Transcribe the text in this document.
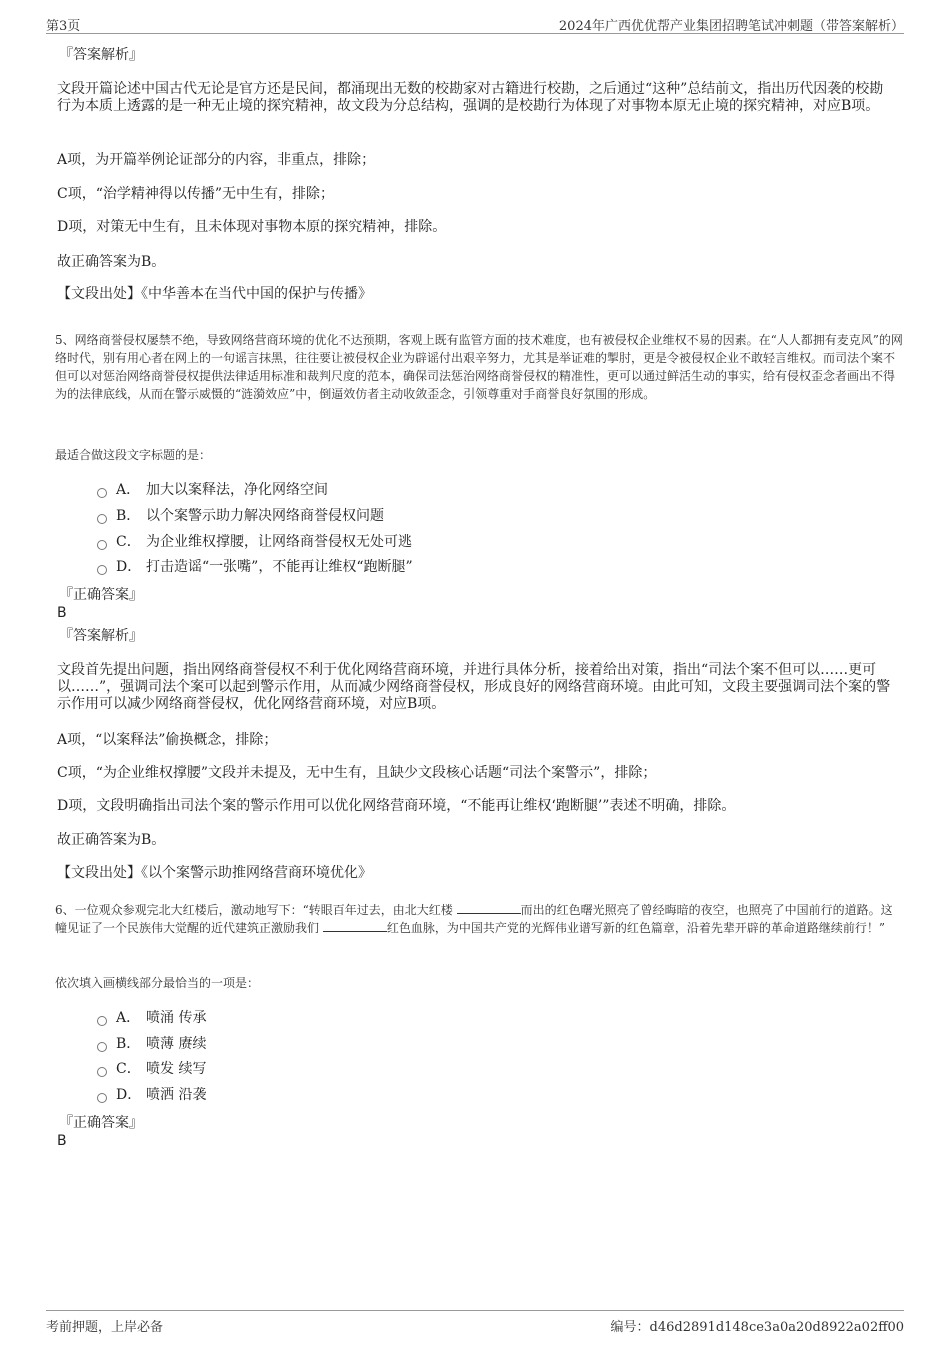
第3页	2024年广西优优帮产业集团招聘笔试冲刺题（带答案解析）
『答案解析』
文段开篇论述中国古代无论是官方还是民间，都涌现出无数的校勘家对古籍进行校勘，之后通过“这种”总结前文，指出历代因袭的校勘行为本质上透露的是一种无止境的探究精神，故文段为分总结构，强调的是校勘行为体现了对事物本原无止境的探究精神，对应B项。
A项，为开篇举例论证部分的内容，非重点，排除；
C项，“治学精神得以传播”无中生有，排除；
D项，对策无中生有，且未体现对事物本原的探究精神，排除。
故正确答案为B。
【文段出处】《中华善本在当代中国的保护与传播》
5、网络商誉侵权屡禁不绝，导致网络营商环境的优化不达预期，客观上既有监管方面的技术难度，也有被侵权企业维权不易的因素。在“人人都拥有麦克风”的网络时代，别有用心者在网上的一句谣言抹黑，往往要让被侵权企业为辟谣付出艰辛努力，尤其是举证难的掣肘，更是令被侵权企业不敢轻言维权。而司法个案不但可以对惩治网络商誉侵权提供法律适用标准和裁判尺度的范本，确保司法惩治网络商誉侵权的精准性，更可以通过鲜活生动的事实，给有侵权歪念者画出不得为的法律底线，从而在警示威慑的“涟漪效应”中，倒逼效仿者主动收敛歪念，引领尊重对手商誉良好氛围的形成。
最适合做这段文字标题的是：
A． 加大以案释法，净化网络空间
B． 以个案警示助力解决网络商誉侵权问题
C． 为企业维权撑腰，让网络商誉侵权无处可逃
D． 打击造谣“一张嘴”，不能再让维权“跑断腿”
『正确答案』
B
『答案解析』
文段首先提出问题，指出网络商誉侵权不利于优化网络营商环境，并进行具体分析，接着给出对策，指出“司法个案不但可以……更可以……”，强调司法个案可以起到警示作用，从而减少网络商誉侵权，形成良好的网络营商环境。由此可知，文段主要强调司法个案的警示作用可以减少网络商誉侵权，优化网络营商环境，对应B项。
A项，“以案释法”偷换概念，排除；
C项，“为企业维权撑腰”文段并未提及，无中生有，且缺少文段核心话题“司法个案警示”，排除；
D项，文段明确指出司法个案的警示作用可以优化网络营商环境，“不能再让维权‘跑断腿’”表述不明确，排除。
故正确答案为B。
【文段出处】《以个案警示助推网络营商环境优化》
6、一位观众参观完北大红楼后，激动地写下：“转眼百年过去，由北大红楼	而出的红色曙光照亮了曾经晦暗的夜空，也照亮了中国前行的道路。这幢见证了一个民族伟大觉醒的近代建筑正激励我们	红色血脉，为中国共产党的光辉伟业谱写新的红色篇章，沿着先辈开辟的革命道路继续前行！”
依次填入画横线部分最恰当的一项是：
A． 喷涌 传承
B． 喷薄 赓续
C． 喷发 续写
D． 喷洒 沿袭
『正确答案』
B
考前押题，上岸必备	编号：d46d2891d148ce3a0a20d8922a02ff00
